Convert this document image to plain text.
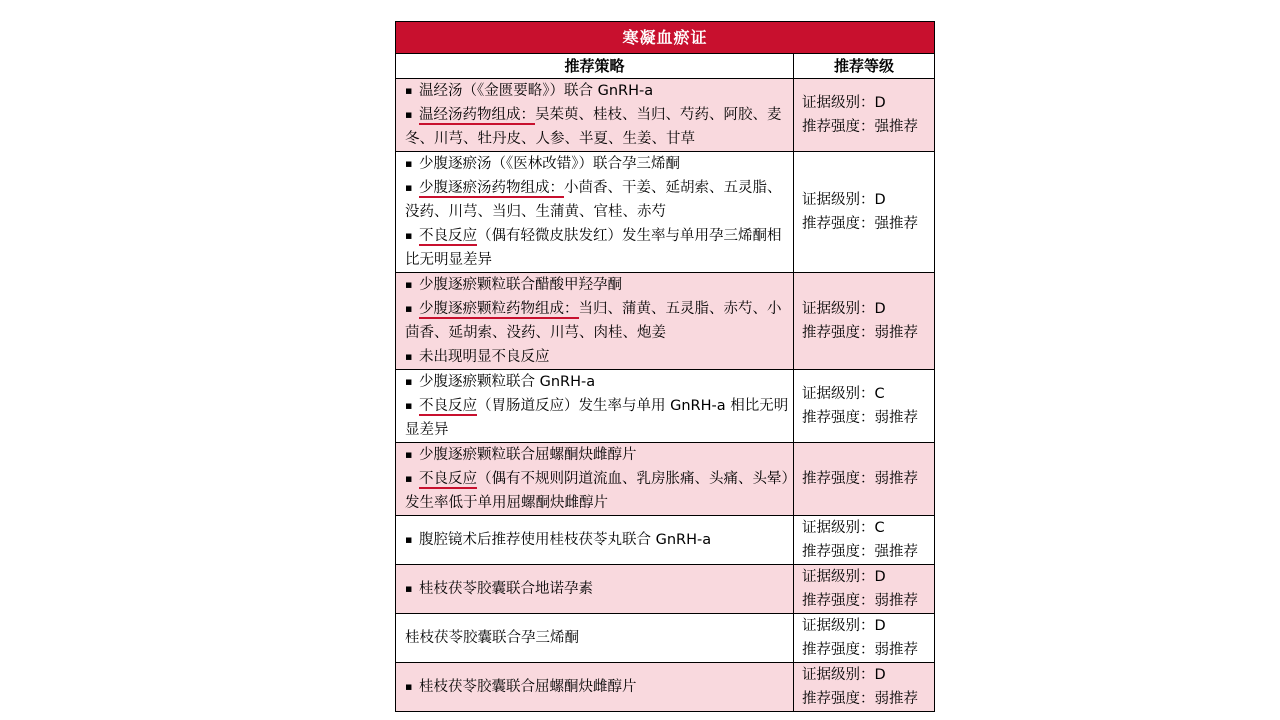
寒凝血瘀证	
推荐策略	推荐等级

▪ 温经汤（《金匮要略》）联合 GnRH-a
▪ 温经汤药物组成：吴茱萸、桂枝、当归、芍药、阿胶、麦冬、川芎、牡丹皮、人参、半夏、生姜、甘草	证据级别：D
推荐强度：强推荐

▪ 少腹逐瘀汤（《医林改错》）联合孕三烯酮
▪ 少腹逐瘀汤药物组成：小茴香、干姜、延胡索、五灵脂、没药、川芎、当归、生蒲黄、官桂、赤芍
▪ 不良反应（偶有轻微皮肤发红）发生率与单用孕三烯酮相比无明显差异	证据级别：D
推荐强度：强推荐

▪ 少腹逐瘀颗粒联合醋酸甲羟孕酮
▪ 少腹逐瘀颗粒药物组成：当归、蒲黄、五灵脂、赤芍、小茴香、延胡索、没药、川芎、肉桂、炮姜
▪ 未出现明显不良反应	证据级别：D
推荐强度：弱推荐

▪ 少腹逐瘀颗粒联合 GnRH-a
▪ 不良反应（胃肠道反应）发生率与单用 GnRH-a 相比无明显差异	证据级别：C
推荐强度：弱推荐

▪ 少腹逐瘀颗粒联合屈螺酮炔雌醇片
▪ 不良反应（偶有不规则阴道流血、乳房胀痛、头痛、头晕）发生率低于单用屈螺酮炔雌醇片	推荐强度：弱推荐

▪ 腹腔镜术后推荐使用桂枝茯苓丸联合 GnRH-a	证据级别：C
推荐强度：强推荐

▪ 桂枝茯苓胶囊联合地诺孕素	证据级别：D
推荐强度：弱推荐

桂枝茯苓胶囊联合孕三烯酮	证据级别：D
推荐强度：弱推荐

▪ 桂枝茯苓胶囊联合屈螺酮炔雌醇片	证据级别：D
推荐强度：弱推荐
